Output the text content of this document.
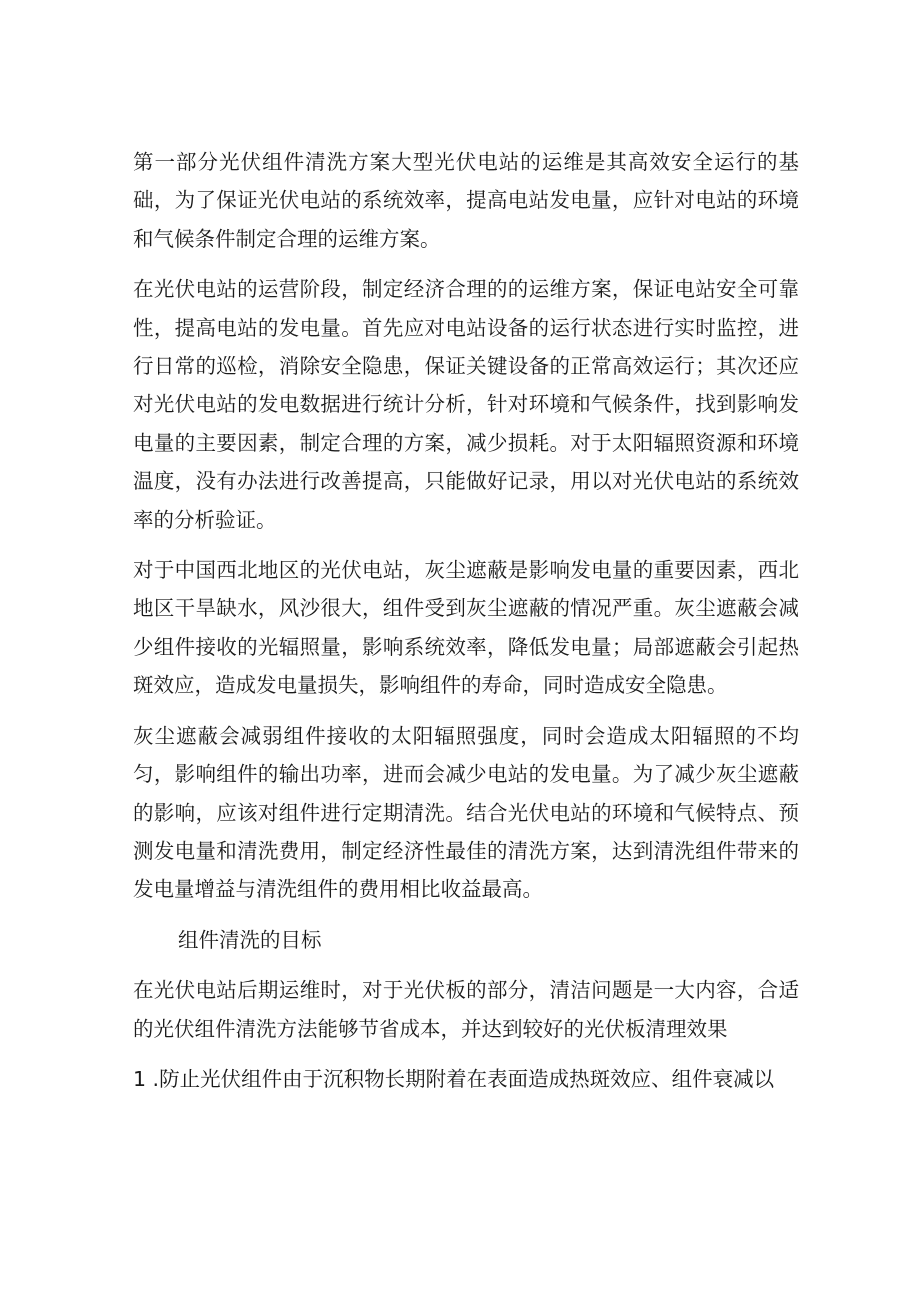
第一部分光伏组件清洗方案大型光伏电站的运维是其高效安全运行的基础，为了保证光伏电站的系统效率，提高电站发电量，应针对电站的环境和气候条件制定合理的运维方案。

在光伏电站的运营阶段，制定经济合理的的运维方案，保证电站安全可靠性，提高电站的发电量。首先应对电站设备的运行状态进行实时监控，进行日常的巡检，消除安全隐患，保证关键设备的正常高效运行；其次还应对光伏电站的发电数据进行统计分析，针对环境和气候条件，找到影响发电量的主要因素，制定合理的方案，减少损耗。对于太阳辐照资源和环境温度，没有办法进行改善提高，只能做好记录，用以对光伏电站的系统效率的分析验证。

对于中国西北地区的光伏电站，灰尘遮蔽是影响发电量的重要因素，西北地区干旱缺水，风沙很大，组件受到灰尘遮蔽的情况严重。灰尘遮蔽会减少组件接收的光辐照量，影响系统效率，降低发电量；局部遮蔽会引起热斑效应，造成发电量损失，影响组件的寿命，同时造成安全隐患。

灰尘遮蔽会减弱组件接收的太阳辐照强度，同时会造成太阳辐照的不均匀，影响组件的输出功率，进而会减少电站的发电量。为了减少灰尘遮蔽的影响，应该对组件进行定期清洗。结合光伏电站的环境和气候特点、预测发电量和清洗费用，制定经济性最佳的清洗方案，达到清洗组件带来的发电量增益与清洗组件的费用相比收益最高。

组件清洗的目标

在光伏电站后期运维时，对于光伏板的部分，清洁问题是一大内容，合适的光伏组件清洗方法能够节省成本，并达到较好的光伏板清理效果

1 .防止光伏组件由于沉积物长期附着在表面造成热斑效应、组件衰减以
